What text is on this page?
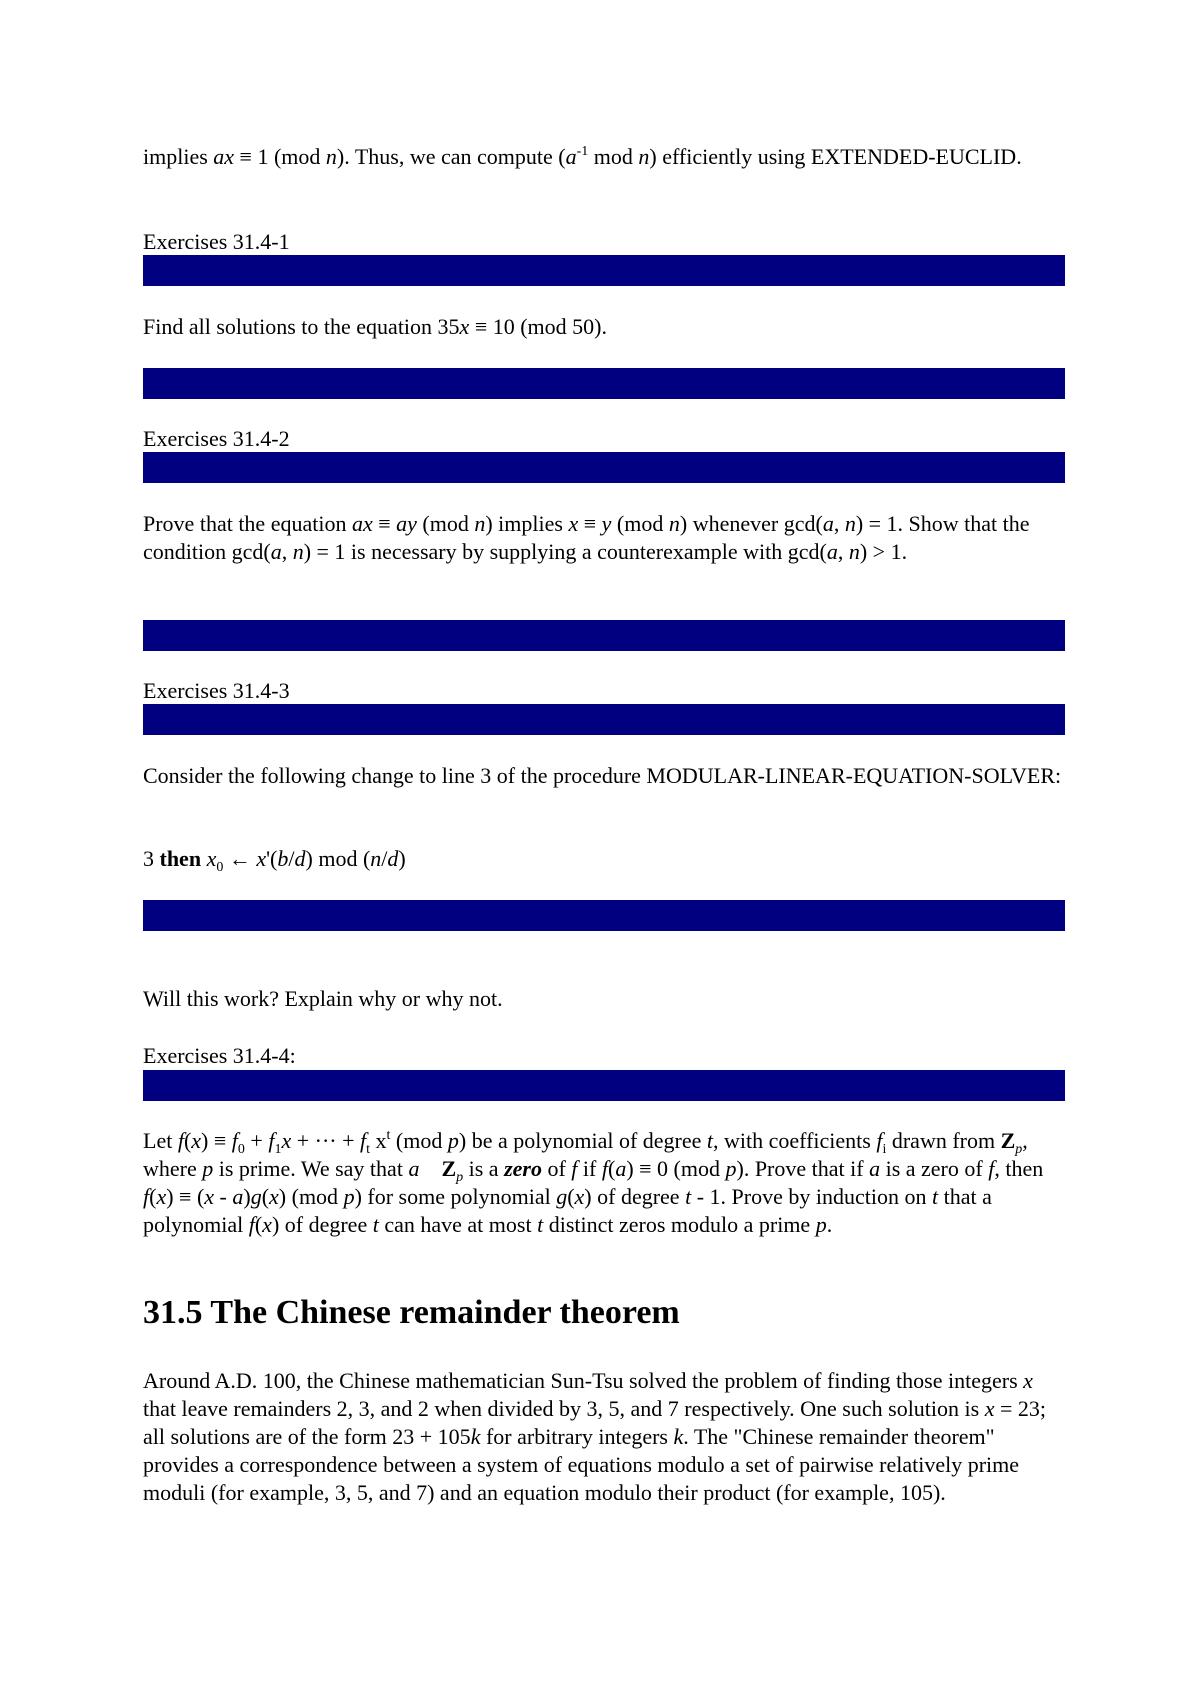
implies ax ≡ 1 (mod n). Thus, we can compute ($a^{-1}$ mod n) efficiently using EXTENDED-EUCLID.

Exercises 31.4-1

Find all solutions to the equation 35x ≡ 10 (mod 50).

Exercises 31.4-2

Prove that the equation ax ≡ ay (mod n) implies x ≡ y (mod n) whenever gcd(a, n) = 1. Show that the condition gcd(a, n) = 1 is necessary by supplying a counterexample with gcd(a, n) > 1.

Exercises 31.4-3

Consider the following change to line 3 of the procedure MODULAR-LINEAR-EQUATION-SOLVER:

3 then $x_0$ ← x'(b/d) mod (n/d)

Will this work? Explain why or why not.

Exercises 31.4-4:

Let $f(x) \equiv f_0 + f_1x$ + ··· + $f_t$ $x^t$ (mod p) be a polynomial of degree t, with coefficients $f_i$ drawn from $Z_p$, where p is prime. We say that a $Z_p$ is a zero of f if f(a) ≡ 0 (mod p). Prove that if a is a zero of f, then f(x) ≡ (x - a)g(x) (mod p) for some polynomial g(x) of degree t - 1. Prove by induction on t that a polynomial f(x) of degree t can have at most t distinct zeros modulo a prime p.

31.5 The Chinese remainder theorem

Around A.D. 100, the Chinese mathematician Sun-Tsu solved the problem of finding those integers x that leave remainders 2, 3, and 2 when divided by 3, 5, and 7 respectively. One such solution is x = 23; all solutions are of the form 23 + 105k for arbitrary integers k. The "Chinese remainder theorem" provides a correspondence between a system of equations modulo a set of pairwise relatively prime moduli (for example, 3, 5, and 7) and an equation modulo their product (for example, 105).
